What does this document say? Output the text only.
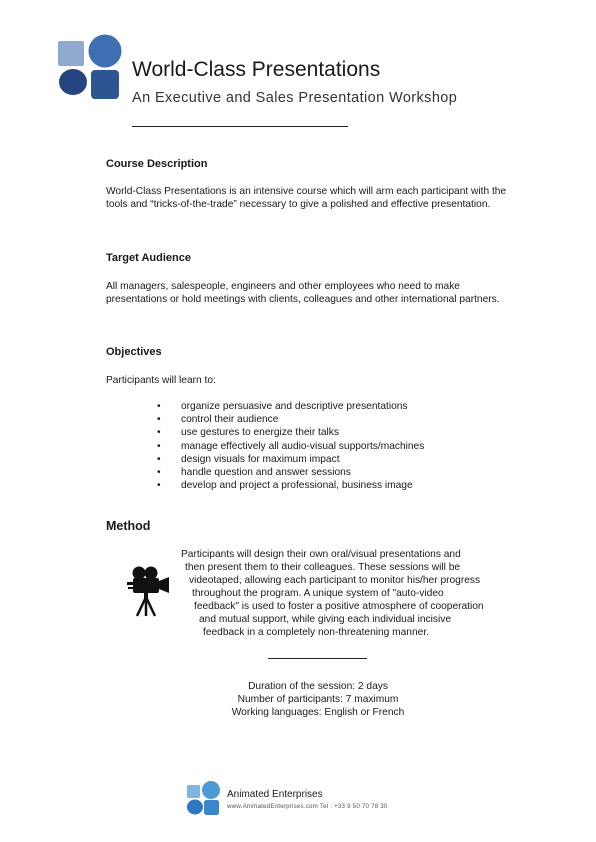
World-Class Presentations
An Executive and Sales Presentation Workshop
Course Description
World-Class Presentations is an intensive course which will arm each participant with the tools and “tricks-of-the-trade” necessary to give a polished and effective presentation.
Target Audience
All managers, salespeople, engineers and other employees who need to make presentations or hold meetings with clients, colleagues and other international partners.
Objectives
Participants will learn to:
• organize persuasive and descriptive presentations
• control their audience
• use gestures to energize their talks
• manage effectively all audio-visual supports/machines
• design visuals for maximum impact
• handle question and answer sessions
• develop and project a professional, business image
Method
Participants will design their own oral/visual presentations and
then present them to their colleagues. These sessions will be
videotaped, allowing each participant to monitor his/her progress
throughout the program. A unique system of "auto-video
feedback" is used to foster a positive atmosphere of cooperation
and mutual support, while giving each individual incisive
feedback in a completely non-threatening manner.
Duration of the session: 2 days
Number of participants: 7 maximum
Working languages: English or French
Animated Enterprises
www.AnimatedEnterprises.com Tel : +33 9 50 70 78 30
